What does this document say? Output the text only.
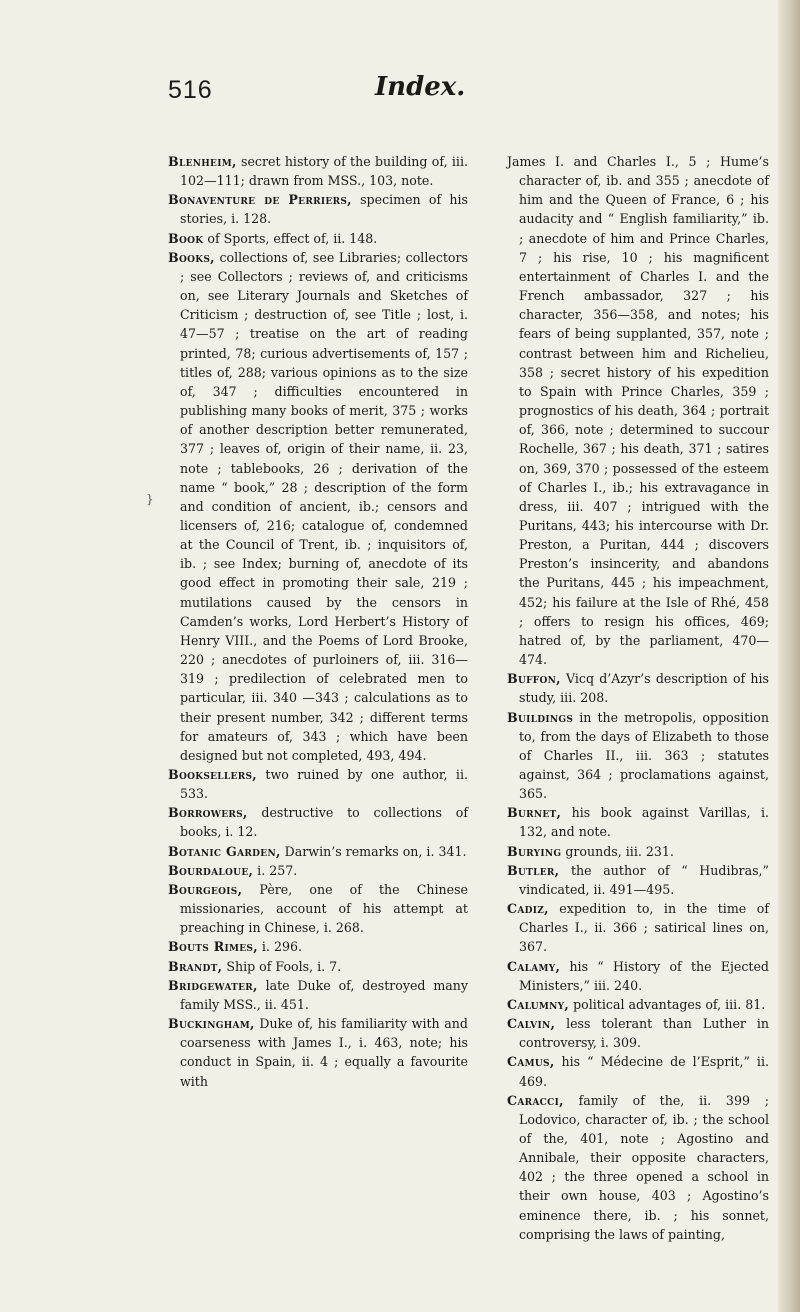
516	Index.
}

Blenheim, secret history of the building of, iii. 102—111; drawn from MSS., 103, note.

Bonaventure de Perriers, specimen of his stories, i. 128.

Book of Sports, effect of, ii. 148.

Books, collections of, see Libraries; collectors ; see Collectors ; reviews of, and criticisms on, see Literary Journals and Sketches of Criticism ; destruction of, see Title ; lost, i. 47—57 ; treatise on the art of reading printed, 78; curious advertisements of, 157 ; titles of, 288; various opinions as to the size of, 347 ; difficulties encountered in publishing many books of merit, 375 ; works of another description better remunerated, 377 ; leaves of, origin of their name, ii. 23, note ; tablebooks, 26 ; derivation of the name “ book,” 28 ; description of the form and condition of ancient, ib.; censors and licensers of, 216; catalogue of, condemned at the Council of Trent, ib. ; inquisitors of, ib. ; see Index; burning of, anecdote of its good effect in promoting their sale, 219 ; mutilations caused by the censors in Camden’s works, Lord Herbert’s History of Henry VIII., and the Poems of Lord Brooke, 220 ; anecdotes of purloiners of, iii. 316—319 ; predilection of celebrated men to particular, iii. 340 —343 ; calculations as to their present number, 342 ; different terms for amateurs of, 343 ; which have been designed but not completed, 493, 494.

Booksellers, two ruined by one author, ii. 533.

Borrowers, destructive to collections of books, i. 12.

Botanic Garden, Darwin’s remarks on, i. 341.

Bourdaloue, i. 257.

Bourgeois, Père, one of the Chinese missionaries, account of his attempt at preaching in Chinese, i. 268.

Bouts Rimes, i. 296.

Brandt, Ship of Fools, i. 7.

Bridgewater, late Duke of, destroyed many family MSS., ii. 451.

Buckingham, Duke of, his familiarity with and coarseness with James I., i. 463, note; his conduct in Spain, ii. 4 ; equally a favourite with

James I. and Charles I., 5 ; Hume’s character of, ib. and 355 ; anecdote of him and the Queen of France, 6 ; his audacity and “ English familiarity,” ib. ; anecdote of him and Prince Charles, 7 ; his rise, 10 ; his magnificent entertainment of Charles I. and the French ambassador, 327 ; his character, 356—358, and notes; his fears of being supplanted, 357, note ; contrast between him and Richelieu, 358 ; secret history of his expedition to Spain with Prince Charles, 359 ; prognostics of his death, 364 ; portrait of, 366, note ; determined to succour Rochelle, 367 ; his death, 371 ; satires on, 369, 370 ; possessed of the esteem of Charles I., ib.; his extravagance in dress, iii. 407 ; intrigued with the Puritans, 443; his intercourse with Dr. Preston, a Puritan, 444 ; discovers Preston’s insincerity, and abandons the Puritans, 445 ; his impeachment, 452; his failure at the Isle of Rhé, 458 ; offers to resign his offices, 469; hatred of, by the parliament, 470—474.

Buffon, Vicq d’Azyr’s description of his study, iii. 208.

Buildings in the metropolis, opposition to, from the days of Elizabeth to those of Charles II., iii. 363 ; statutes against, 364 ; proclamations against, 365.

Burnet, his book against Varillas, i. 132, and note.

Burying grounds, iii. 231.

Butler, the author of “ Hudibras,” vindicated, ii. 491—495.

Cadiz, expedition to, in the time of Charles I., ii. 366 ; satirical lines on, 367.

Calamy, his “ History of the Ejected Ministers,” iii. 240.

Calumny, political advantages of, iii. 81.

Calvin, less tolerant than Luther in controversy, i. 309.

Camus, his “ Médecine de l’Esprit,” ii. 469.

Caracci, family of the, ii. 399 ; Lodovico, character of, ib. ; the school of the, 401, note ; Agostino and Annibale, their opposite characters, 402 ; the three opened a school in their own house, 403 ; Agostino’s eminence there, ib. ; his sonnet, comprising the laws of painting,
